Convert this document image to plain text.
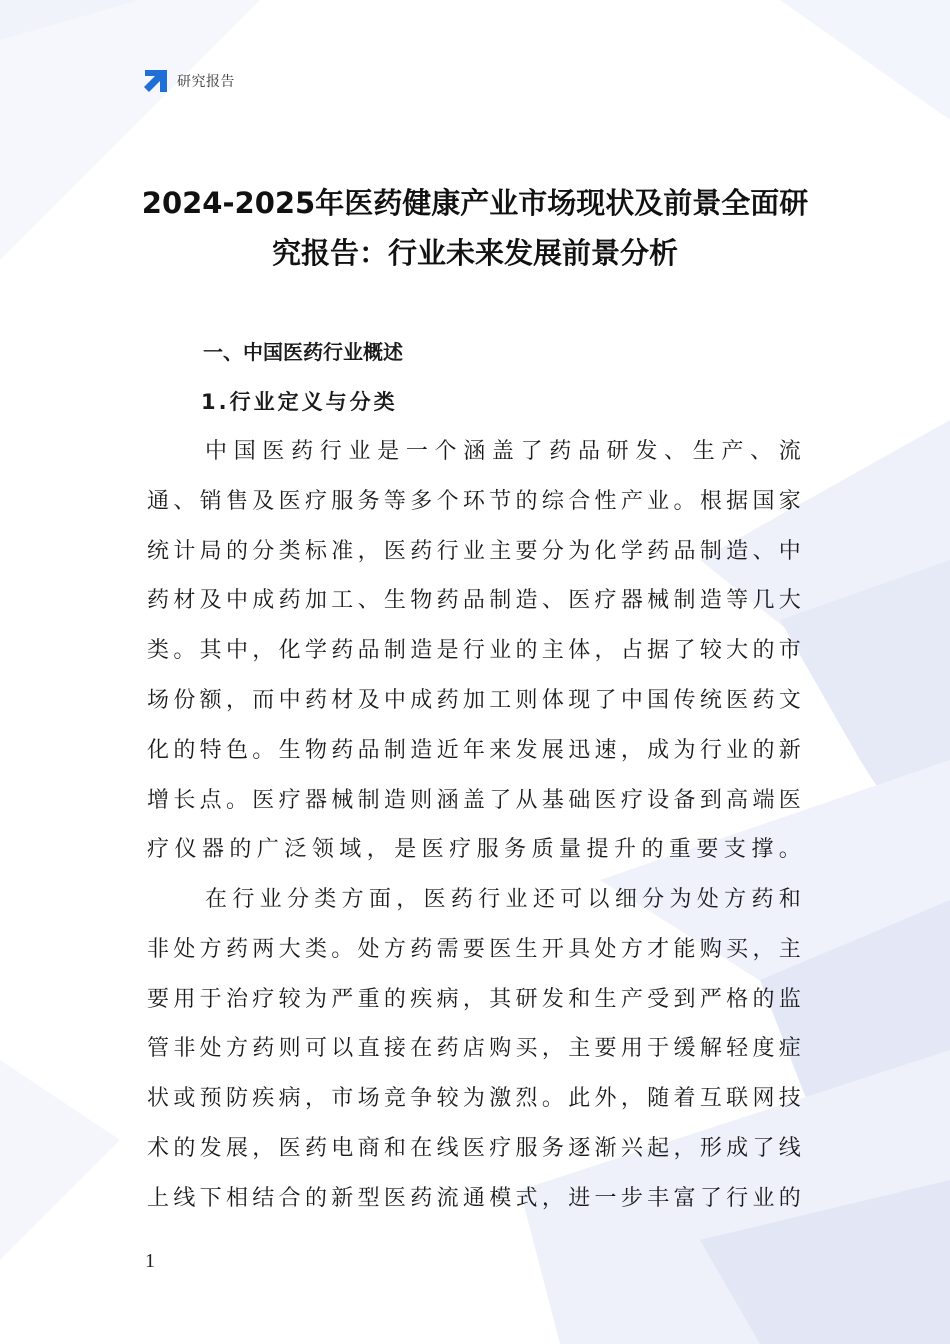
研究报告
2024-2025年医药健康产业市场现状及前景全面研究报告：行业未来发展前景分析
一、中国医药行业概述
1.行业定义与分类

中国医药行业是一个涵盖了药品研发、生产、流通、销售及医疗服务等多个环节的综合性产业。根据国家统计局的分类标准，医药行业主要分为化学药品制造、中药材及中成药加工、生物药品制造、医疗器械制造等几大类。其中，化学药品制造是行业的主体，占据了较大的市场份额，而中药材及中成药加工则体现了中国传统医药文化的特色。生物药品制造近年来发展迅速，成为行业的新增长点。医疗器械制造则涵盖了从基础医疗设备到高端医疗仪器的广泛领域，是医疗服务质量提升的重要支撑。

在行业分类方面，医药行业还可以细分为处方药和非处方药两大类。处方药需要医生开具处方才能购买，主要用于治疗较为严重的疾病，其研发和生产受到严格的监管非处方药则可以直接在药店购买，主要用于缓解轻度症状或预防疾病，市场竞争较为激烈。此外，随着互联网技术的发展，医药电商和在线医疗服务逐渐兴起，形成了线上线下相结合的新型医药流通模式，进一步丰富了行业的

1
